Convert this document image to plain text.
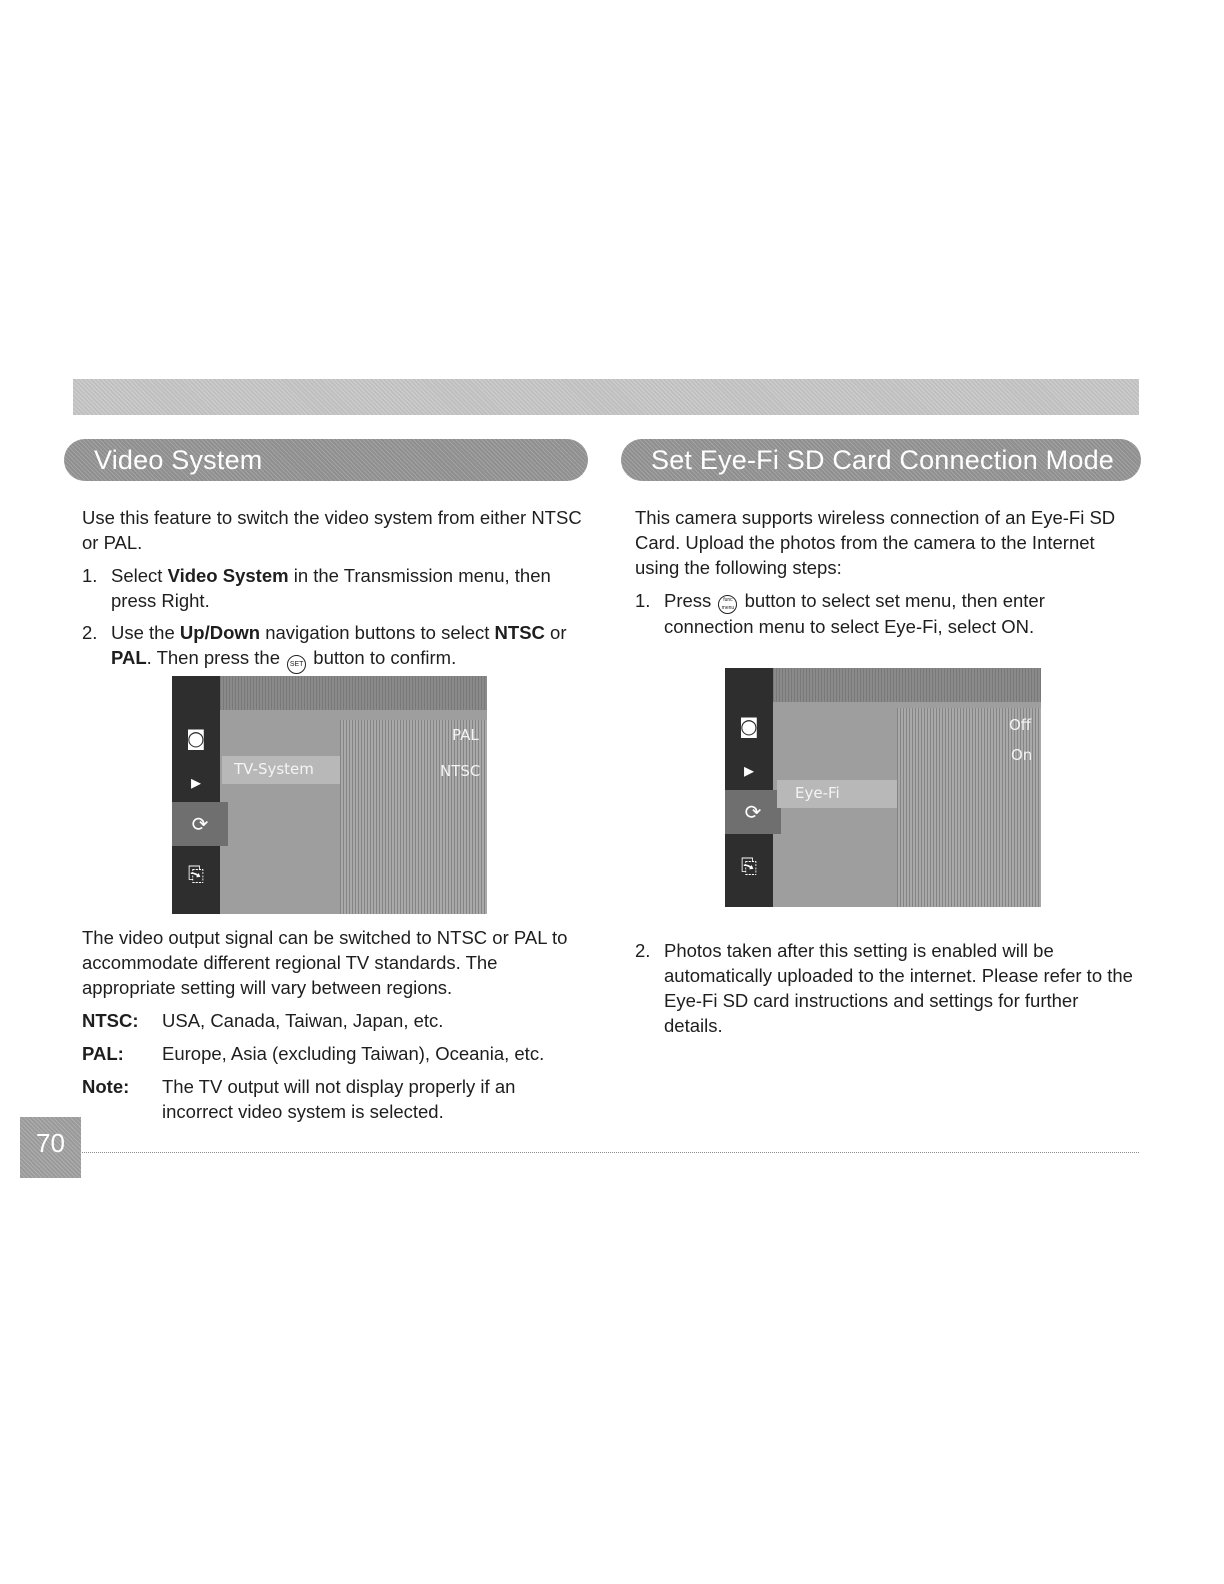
Video System	Set Eye-Fi SD Card Connection Mode

Use this feature to switch the video system from either NTSC or PAL.

1. Select Video System in the Transmission menu, then press Right.
2. Use the Up/Down navigation buttons to select NTSC or PAL. Then press the SET button to confirm.
◙
▸
⟳
⎘
TV-System
PAL
NTSC

The video output signal can be switched to NTSC or PAL to accommodate different regional TV standards. The appropriate setting will vary between regions.

NTSC: USA, Canada, Taiwan, Japan, etc.
PAL: Europe, Asia (excluding Taiwan), Oceania, etc.
Note: The TV output will not display properly if an incorrect video system is selected.

This camera supports wireless connection of an Eye-Fi SD Card. Upload the photos from the camera to the Internet using the following steps:

1. Press func menu button to select set menu, then enter connection menu to select Eye-Fi, select ON.
◙
▸
⟳
⎘
Eye-Fi
Off
On
2. Photos taken after this setting is enabled will be automatically uploaded to the internet. Please refer to the Eye-Fi SD card instructions and settings for further details.
70
